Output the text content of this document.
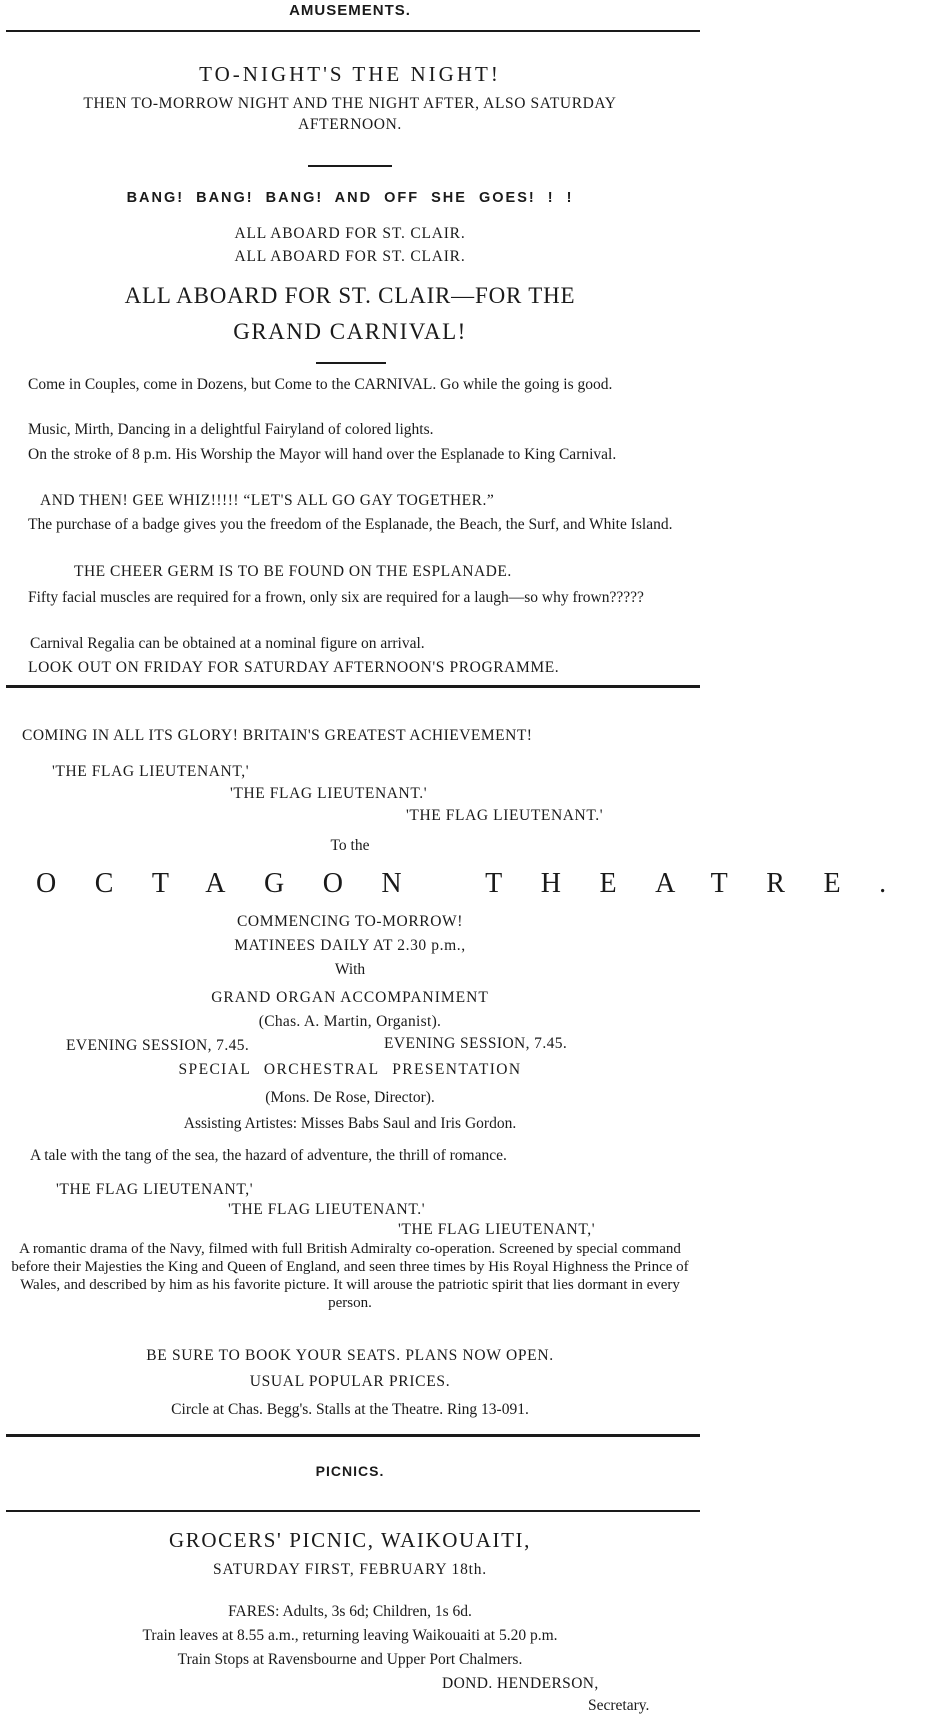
AMUSEMENTS.
TO-NIGHT'S THE NIGHT!
THEN TO-MORROW NIGHT AND THE NIGHT AFTER, ALSO SATURDAY
AFTERNOON.
BANG! BANG! BANG! AND OFF SHE GOES! ! !
ALL ABOARD FOR ST. CLAIR.
ALL ABOARD FOR ST. CLAIR.
ALL ABOARD FOR ST. CLAIR—FOR THE
GRAND CARNIVAL!
Come in Couples, come in Dozens, but Come to the CARNIVAL. Go while the going is good.
Music, Mirth, Dancing in a delightful Fairyland of colored lights.
On the stroke of 8 p.m. His Worship the Mayor will hand over the Esplanade to King Carnival.
AND THEN! GEE WHIZ!!!!! “LET'S ALL GO GAY TOGETHER.”
The purchase of a badge gives you the freedom of the Esplanade, the Beach, the Surf, and White Island.
THE CHEER GERM IS TO BE FOUND ON THE ESPLANADE.
Fifty facial muscles are required for a frown, only six are required for a laugh—so why frown?????
Carnival Regalia can be obtained at a nominal figure on arrival.
LOOK OUT ON FRIDAY FOR SATURDAY AFTERNOON'S PROGRAMME.
COMING IN ALL ITS GLORY! BRITAIN'S GREATEST ACHIEVEMENT!
'THE FLAG LIEUTENANT,'
'THE FLAG LIEUTENANT.'
'THE FLAG LIEUTENANT.'
To the
OCTAGON THEATRE.
COMMENCING TO-MORROW!
MATINEES DAILY AT 2.30 p.m.,
With
GRAND ORGAN ACCOMPANIMENT
(Chas. A. Martin, Organist).
EVENING SESSION, 7.45.	EVENING SESSION, 7.45.
SPECIAL ORCHESTRAL PRESENTATION
(Mons. De Rose, Director).
Assisting Artistes: Misses Babs Saul and Iris Gordon.
A tale with the tang of the sea, the hazard of adventure, the thrill of romance.
'THE FLAG LIEUTENANT,'
'THE FLAG LIEUTENANT.'
'THE FLAG LIEUTENANT,'
A romantic drama of the Navy, filmed with full British Admiralty co-operation. Screened by special command before their Majesties the King and Queen of England, and seen three times by His Royal Highness the Prince of Wales, and described by him as his favorite picture. It will arouse the patriotic spirit that lies dormant in every person.
BE SURE TO BOOK YOUR SEATS. PLANS NOW OPEN.
USUAL POPULAR PRICES.
Circle at Chas. Begg's. Stalls at the Theatre. Ring 13-091.
PICNICS.
GROCERS' PICNIC, WAIKOUAITI,
SATURDAY FIRST, FEBRUARY 18th.
FARES: Adults, 3s 6d; Children, 1s 6d.
Train leaves at 8.55 a.m., returning leaving Waikouaiti at 5.20 p.m.
Train Stops at Ravensbourne and Upper Port Chalmers.
DOND. HENDERSON,
Secretary.
